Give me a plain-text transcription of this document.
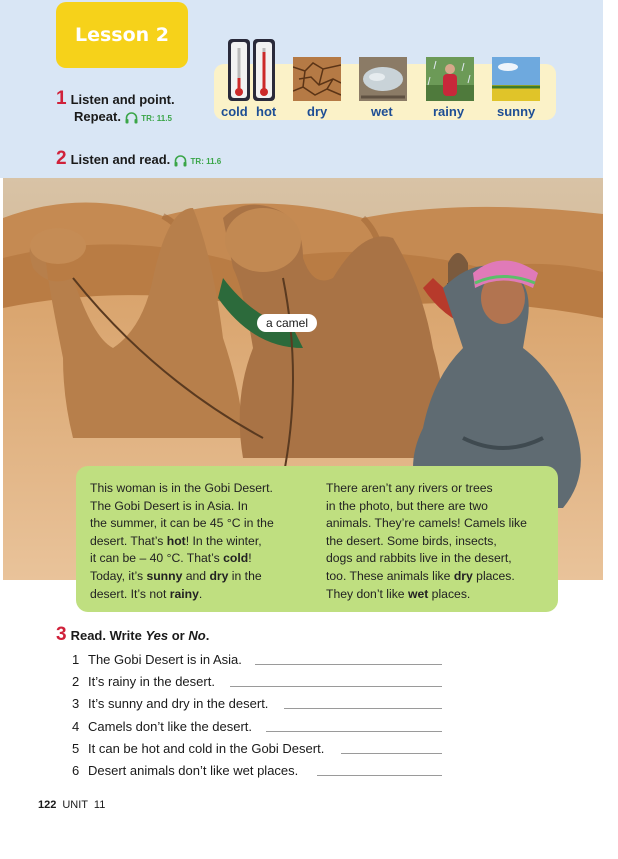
Lesson 2
cold hot dry	wet	rainy	sunny
1 Listen and point.
Repeat.	TR: 11.5
2 Listen and read.	TR: 11.6
a camel
This woman is in the Gobi Desert.
The Gobi Desert is in Asia. In
the summer, it can be 45 °C in the
desert. That’s hot! In the winter,
it can be – 40 °C. That’s cold!
Today, it’s sunny and dry in the
desert. It’s not rainy.
There aren’t any rivers or trees
in the photo, but there are two
animals. They’re camels! Camels like
the desert. Some birds, insects,
dogs and rabbits live in the desert,
too. These animals like dry places.
They don’t like wet places.
3 Read. Write Yes or No.
1 The Gobi Desert is in Asia.
2 It’s rainy in the desert.
3 It’s sunny and dry in the desert.
4 Camels don’t like the desert.
5 It can be hot and cold in the Gobi Desert.
6 Desert animals don’t like wet places.
122 UNIT  11
